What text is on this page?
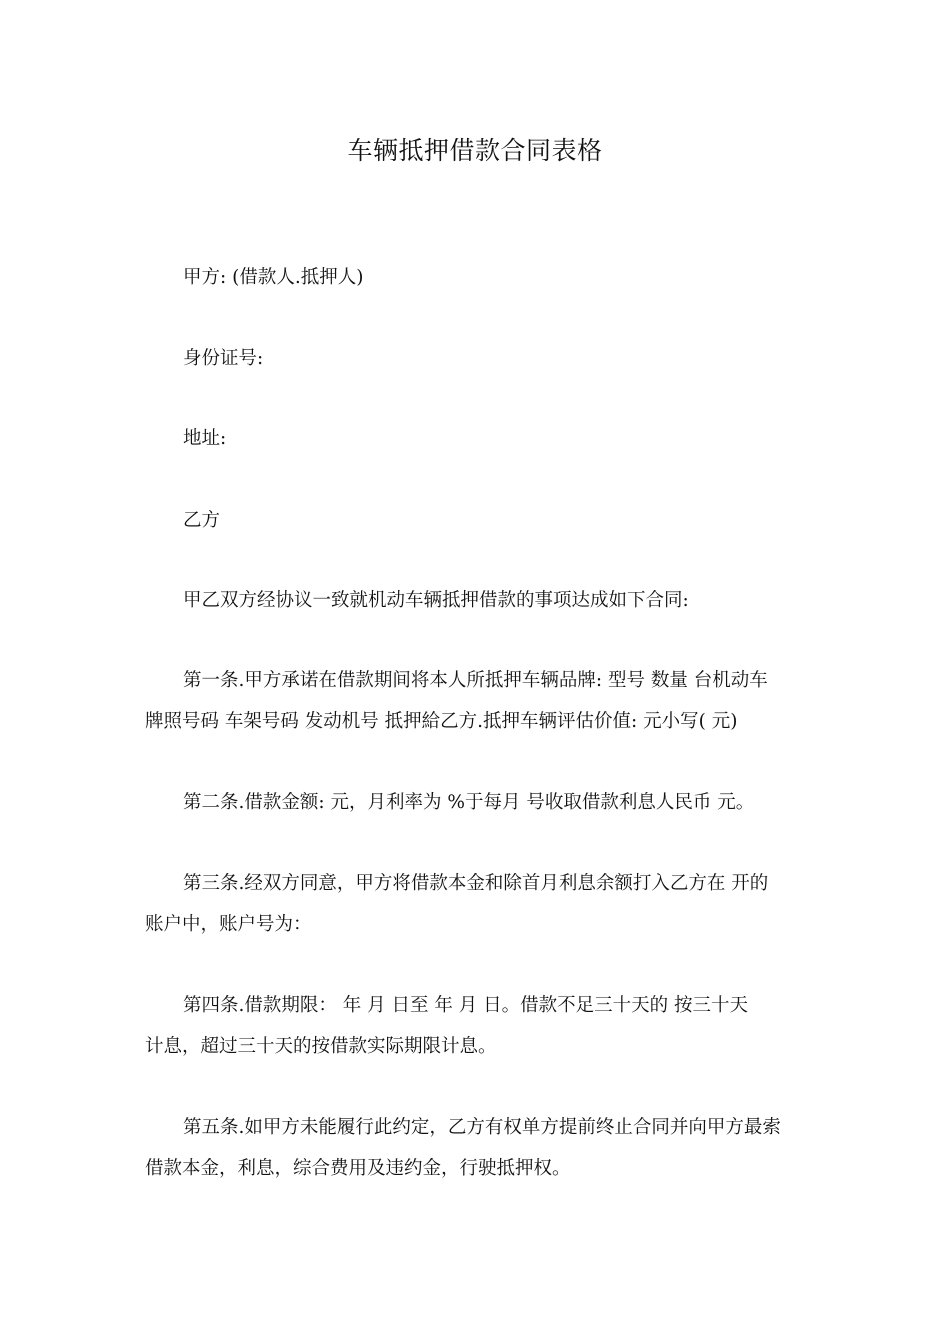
车辆抵押借款合同表格
甲方: (借款人.抵押人)
身份证号:
地址:
乙方
甲乙双方经协议一致就机动车辆抵押借款的事项达成如下合同:
第一条.甲方承诺在借款期间将本人所抵押车辆品牌: 型号 数量 台机动车
牌照号码 车架号码 发动机号 抵押給乙方.抵押车辆评估价值: 元小写( 元)
第二条.借款金额: 元，月利率为 %于每月 号收取借款利息人民币 元。
第三条.经双方同意，甲方将借款本金和除首月利息余额打入乙方在 开的
账户中，账户号为：
第四条.借款期限： 年 月 日至 年 月 日。借款不足三十天的 按三十天
计息，超过三十天的按借款实际期限计息。
第五条.如甲方未能履行此约定，乙方有权单方提前终止合同并向甲方最索
借款本金，利息，综合费用及违约金，行驶抵押权。
